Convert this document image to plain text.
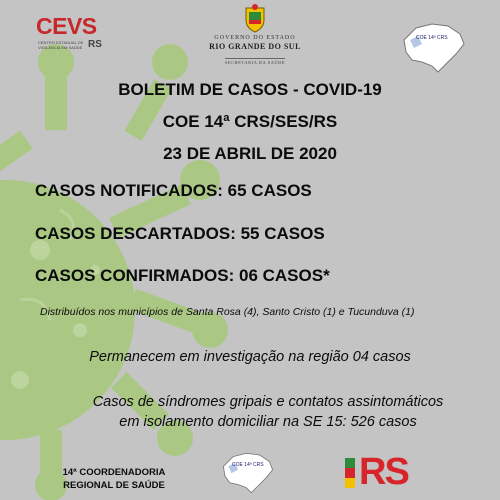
CEVS
CENTRO ESTADUAL DE VIGILÂNCIA EM SAÚDE RS
GOVERNO DO ESTADO
RIO GRANDE DO SUL
SECRETARIA DA SAÚDE
COE 14ª CRS
BOLETIM DE CASOS - COVID-19
COE 14ª CRS/SES/RS
23 DE ABRIL DE 2020
CASOS NOTIFICADOS: 65 CASOS
CASOS DESCARTADOS: 55 CASOS
CASOS CONFIRMADOS: 06 CASOS*
Distribuídos nos municípios de Santa Rosa (4), Santo Cristo (1) e Tucunduva (1)
Permanecem em investigação na região 04 casos
Casos de síndromes gripais e contatos assintomáticos
em isolamento domiciliar na SE 15: 526 casos
14ª COORDENADORIA
REGIONAL DE SAÚDE
COE 14ª CRS	RS
